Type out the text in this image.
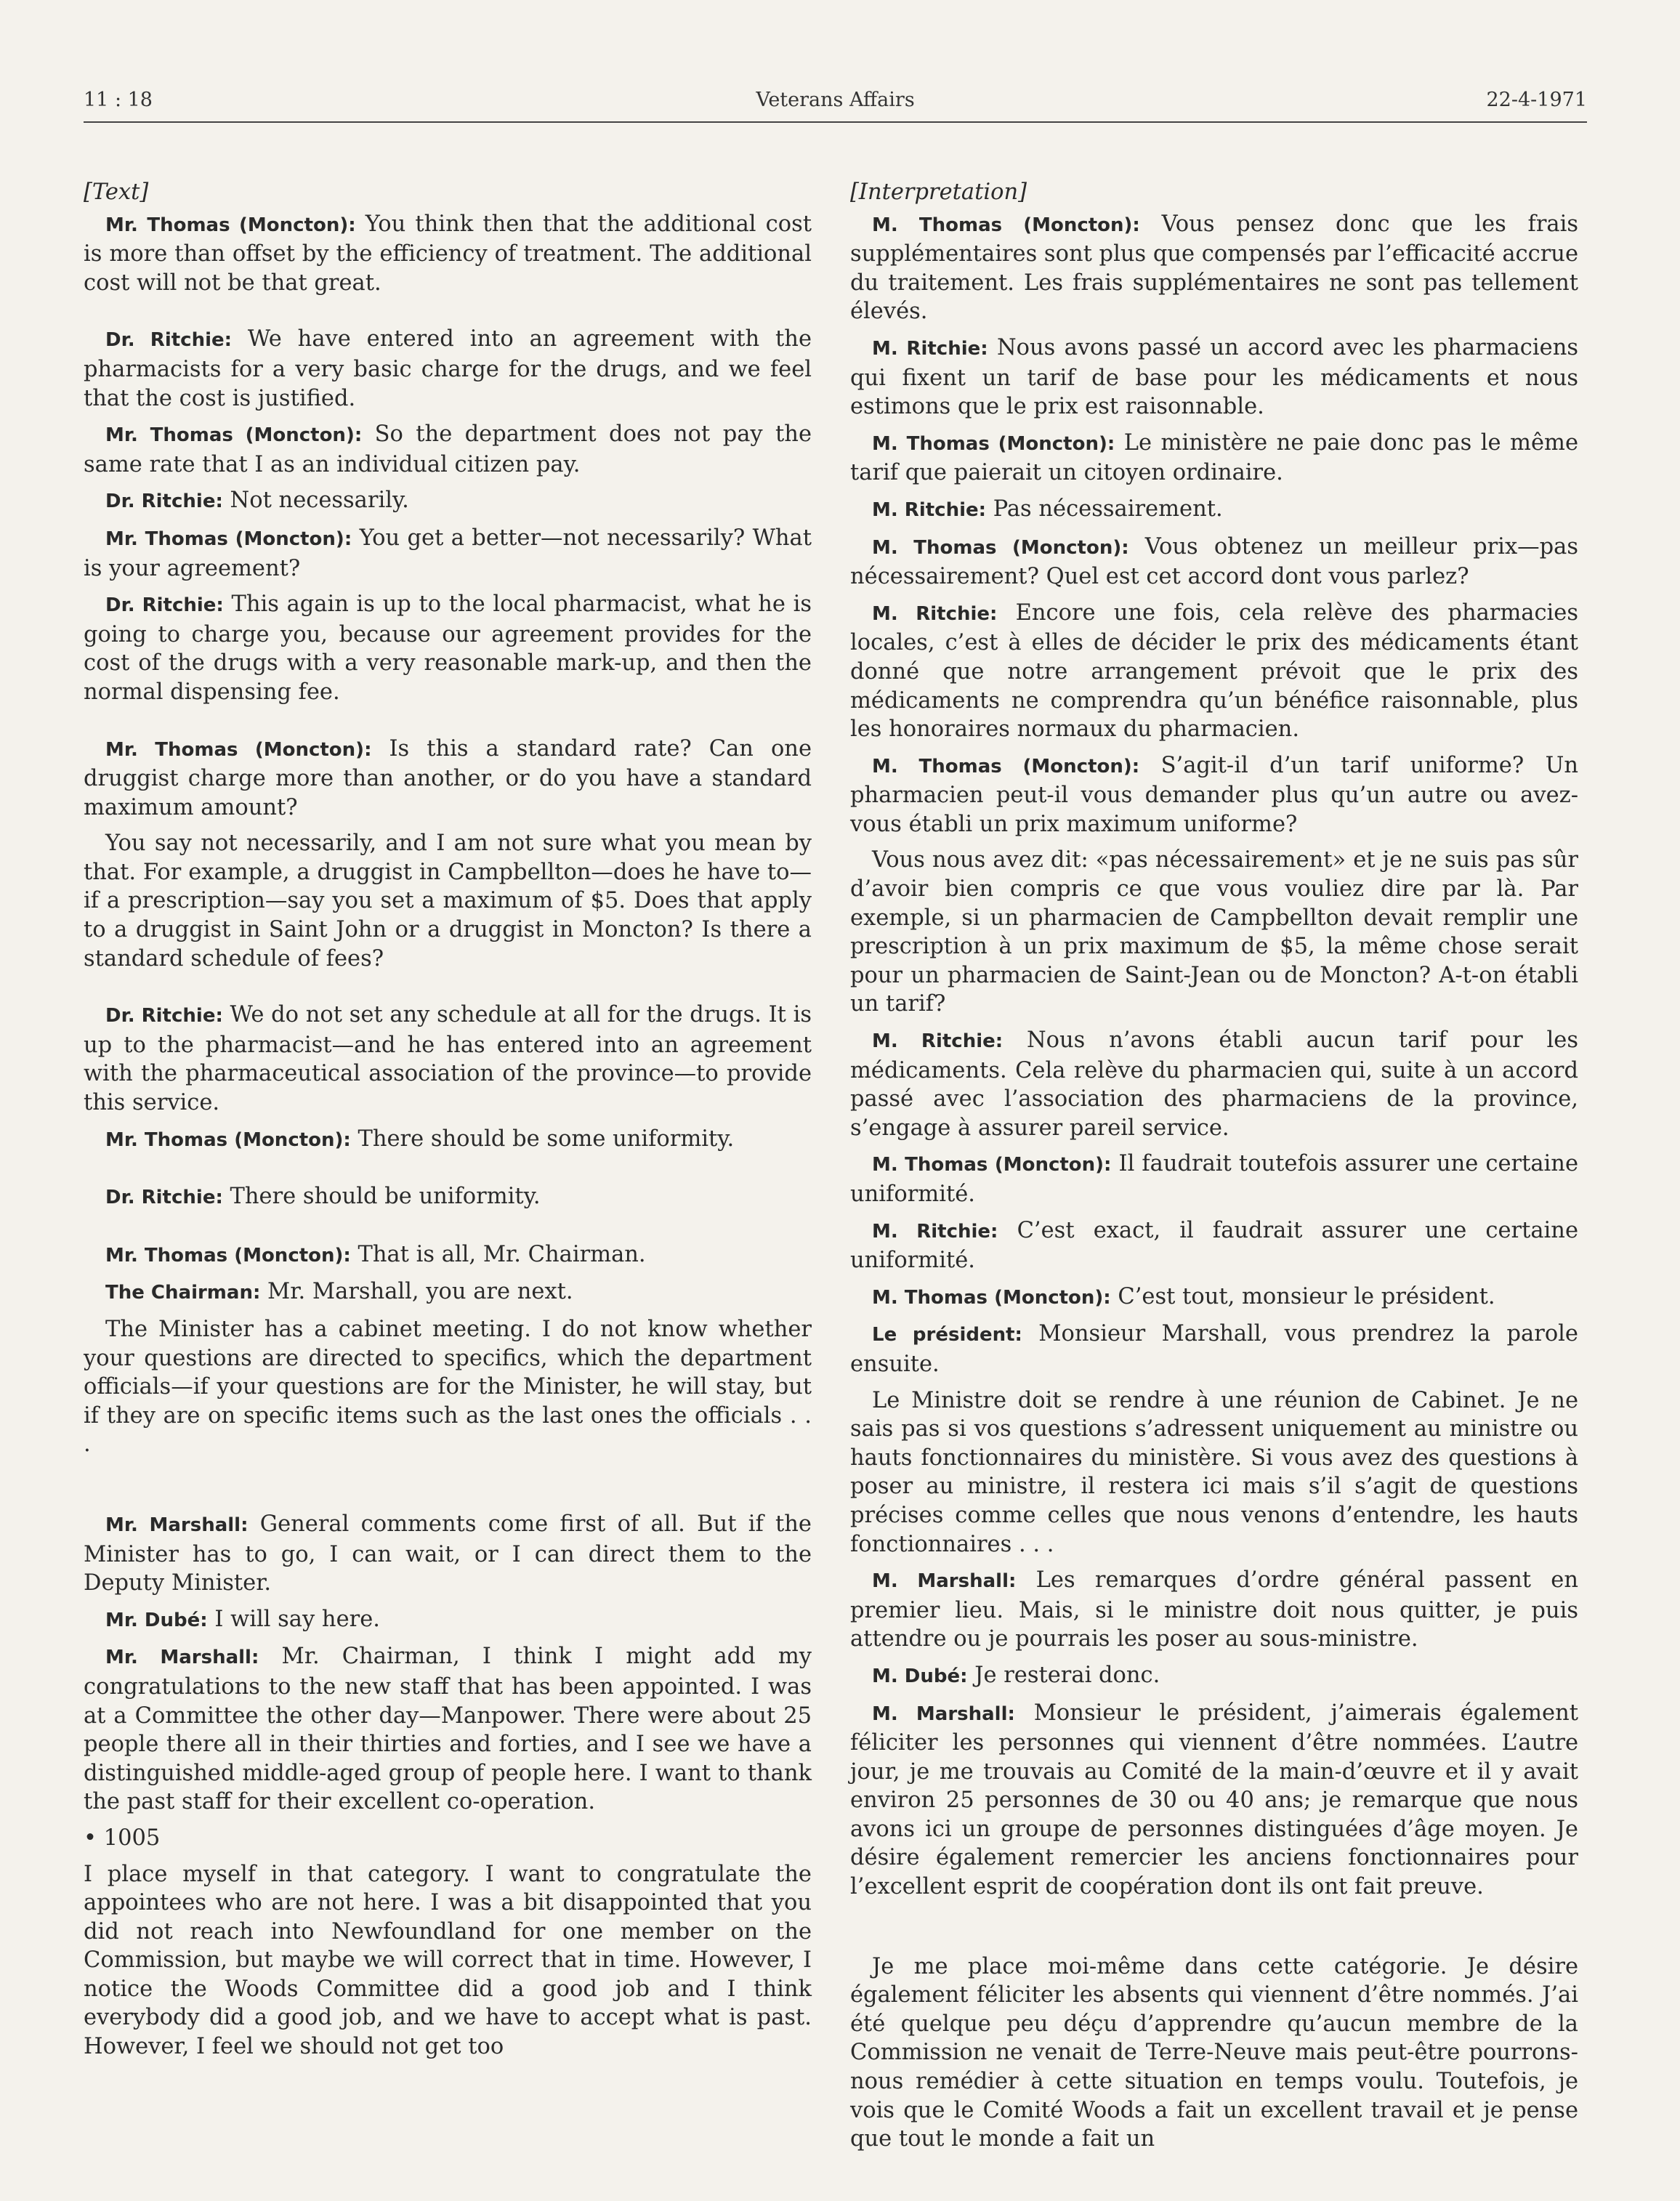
11 : 18	Veterans Affairs	22-4-1971

[Text]

Mr. Thomas (Moncton): You think then that the additional cost is more than offset by the efficiency of treatment. The additional cost will not be that great.

Dr. Ritchie: We have entered into an agreement with the pharmacists for a very basic charge for the drugs, and we feel that the cost is justified.

Mr. Thomas (Moncton): So the department does not pay the same rate that I as an individual citizen pay.

Dr. Ritchie: Not necessarily.

Mr. Thomas (Moncton): You get a better—not necessarily? What is your agreement?

Dr. Ritchie: This again is up to the local pharmacist, what he is going to charge you, because our agreement provides for the cost of the drugs with a very reasonable mark-up, and then the normal dispensing fee.

Mr. Thomas (Moncton): Is this a standard rate? Can one druggist charge more than another, or do you have a standard maximum amount?

You say not necessarily, and I am not sure what you mean by that. For example, a druggist in Campbellton—does he have to—if a prescription—say you set a maximum of $5. Does that apply to a druggist in Saint John or a druggist in Moncton? Is there a standard schedule of fees?

Dr. Ritchie: We do not set any schedule at all for the drugs. It is up to the pharmacist—and he has entered into an agreement with the pharmaceutical association of the province—to provide this service.

Mr. Thomas (Moncton): There should be some uniformity.

Dr. Ritchie: There should be uniformity.

Mr. Thomas (Moncton): That is all, Mr. Chairman.

The Chairman: Mr. Marshall, you are next.

The Minister has a cabinet meeting. I do not know whether your questions are directed to specifics, which the department officials—if your questions are for the Minister, he will stay, but if they are on specific items such as the last ones the officials . . .

Mr. Marshall: General comments come first of all. But if the Minister has to go, I can wait, or I can direct them to the Deputy Minister.

Mr. Dubé: I will say here.

Mr. Marshall: Mr. Chairman, I think I might add my congratulations to the new staff that has been appointed. I was at a Committee the other day—Manpower. There were about 25 people there all in their thirties and forties, and I see we have a distinguished middle-aged group of people here. I want to thank the past staff for their excellent co-operation.

• 1005

I place myself in that category. I want to congratulate the appointees who are not here. I was a bit disappointed that you did not reach into Newfoundland for one member on the Commission, but maybe we will correct that in time. However, I notice the Woods Committee did a good job and I think everybody did a good job, and we have to accept what is past. However, I feel we should not get too

[Interpretation]

M. Thomas (Moncton): Vous pensez donc que les frais supplémentaires sont plus que compensés par l’efficacité accrue du traitement. Les frais supplémentaires ne sont pas tellement élevés.

M. Ritchie: Nous avons passé un accord avec les pharmaciens qui fixent un tarif de base pour les médicaments et nous estimons que le prix est raisonnable.

M. Thomas (Moncton): Le ministère ne paie donc pas le même tarif que paierait un citoyen ordinaire.

M. Ritchie: Pas nécessairement.

M. Thomas (Moncton): Vous obtenez un meilleur prix—pas nécessairement? Quel est cet accord dont vous parlez?

M. Ritchie: Encore une fois, cela relève des pharmacies locales, c’est à elles de décider le prix des médicaments étant donné que notre arrangement prévoit que le prix des médicaments ne comprendra qu’un bénéfice raisonnable, plus les honoraires normaux du pharmacien.

M. Thomas (Moncton): S’agit-il d’un tarif uniforme? Un pharmacien peut-il vous demander plus qu’un autre ou avez-vous établi un prix maximum uniforme?

Vous nous avez dit: «pas nécessairement» et je ne suis pas sûr d’avoir bien compris ce que vous vouliez dire par là. Par exemple, si un pharmacien de Campbellton devait remplir une prescription à un prix maximum de $5, la même chose serait pour un pharmacien de Saint-Jean ou de Moncton? A-t-on établi un tarif?

M. Ritchie: Nous n’avons établi aucun tarif pour les médicaments. Cela relève du pharmacien qui, suite à un accord passé avec l’association des pharmaciens de la province, s’engage à assurer pareil service.

M. Thomas (Moncton): Il faudrait toutefois assurer une certaine uniformité.

M. Ritchie: C’est exact, il faudrait assurer une certaine uniformité.

M. Thomas (Moncton): C’est tout, monsieur le président.

Le président: Monsieur Marshall, vous prendrez la parole ensuite.

Le Ministre doit se rendre à une réunion de Cabinet. Je ne sais pas si vos questions s’adressent uniquement au ministre ou hauts fonctionnaires du ministère. Si vous avez des questions à poser au ministre, il restera ici mais s’il s’agit de questions précises comme celles que nous venons d’entendre, les hauts fonctionnaires . . .

M. Marshall: Les remarques d’ordre général passent en premier lieu. Mais, si le ministre doit nous quitter, je puis attendre ou je pourrais les poser au sous-ministre.

M. Dubé: Je resterai donc.

M. Marshall: Monsieur le président, j’aimerais également féliciter les personnes qui viennent d’être nommées. L’autre jour, je me trouvais au Comité de la main-d’œuvre et il y avait environ 25 personnes de 30 ou 40 ans; je remarque que nous avons ici un groupe de personnes distinguées d’âge moyen. Je désire également remercier les anciens fonctionnaires pour l’excellent esprit de coopération dont ils ont fait preuve.

Je me place moi-même dans cette catégorie. Je désire également féliciter les absents qui viennent d’être nommés. J’ai été quelque peu déçu d’apprendre qu’aucun membre de la Commission ne venait de Terre-Neuve mais peut-être pourrons-nous remédier à cette situation en temps voulu. Toutefois, je vois que le Comité Woods a fait un excellent travail et je pense que tout le monde a fait un
